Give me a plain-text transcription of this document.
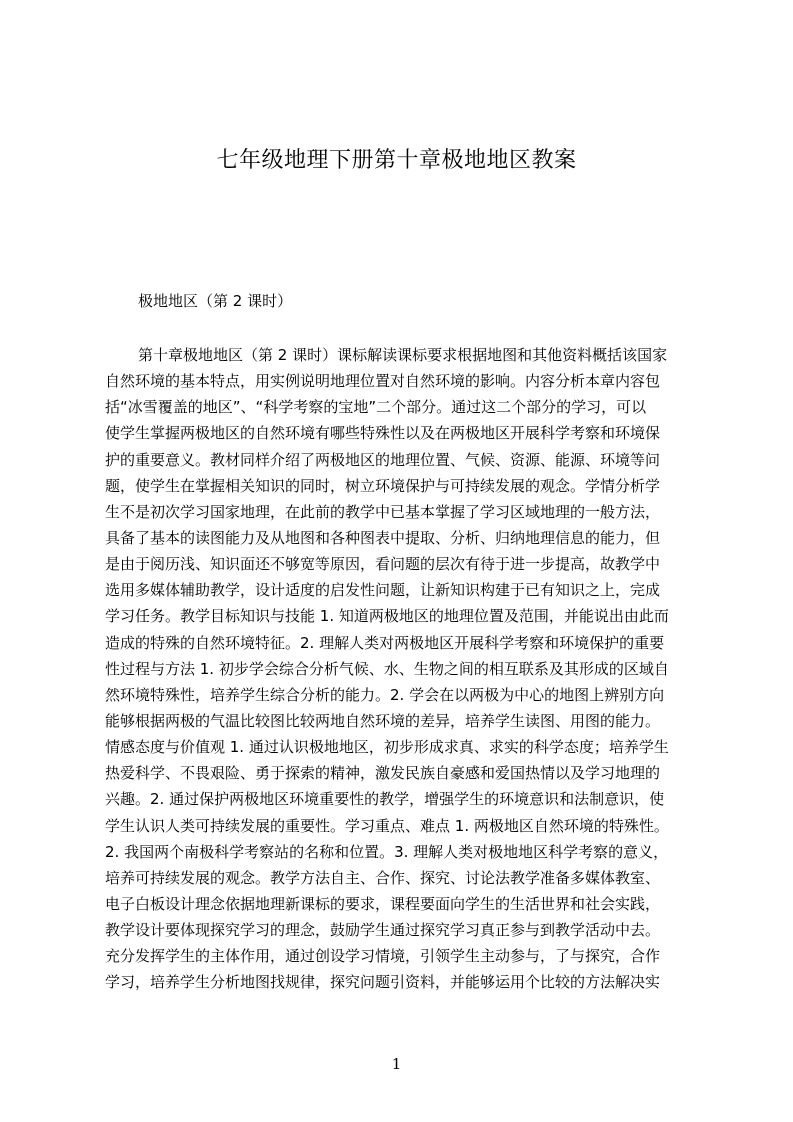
七年级地理下册第十章极地地区教案
极地地区（第 2 课时）
第十章极地地区（第 2 课时）课标解读课标要求根据地图和其他资料概括该国家
自然环境的基本特点，用实例说明地理位置对自然环境的影响。内容分析本章内容包
括“冰雪覆盖的地区”、“科学考察的宝地”二个部分。通过这二个部分的学习，可以
使学生掌握两极地区的自然环境有哪些特殊性以及在两极地区开展科学考察和环境保
护的重要意义。教材同样介绍了两极地区的地理位置、气候、资源、能源、环境等问
题，使学生在掌握相关知识的同时，树立环境保护与可持续发展的观念。学情分析学
生不是初次学习国家地理，在此前的教学中已基本掌握了学习区域地理的一般方法，
具备了基本的读图能力及从地图和各种图表中提取、分析、归纳地理信息的能力，但
是由于阅历浅、知识面还不够宽等原因，看问题的层次有待于进一步提高，故教学中
选用多媒体辅助教学，设计适度的启发性问题，让新知识构建于已有知识之上，完成
学习任务。教学目标知识与技能 1. 知道两极地区的地理位置及范围，并能说出由此而
造成的特殊的自然环境特征。2. 理解人类对两极地区开展科学考察和环境保护的重要
性过程与方法 1. 初步学会综合分析气候、水、生物之间的相互联系及其形成的区域自
然环境特殊性，培养学生综合分析的能力。2. 学会在以两极为中心的地图上辨别方向
能够根据两极的气温比较图比较两地自然环境的差异，培养学生读图、用图的能力。
情感态度与价值观 1. 通过认识极地地区，初步形成求真、求实的科学态度；培养学生
热爱科学、不畏艰险、勇于探索的精神，激发民族自豪感和爱国热情以及学习地理的
兴趣。2. 通过保护两极地区环境重要性的教学，增强学生的环境意识和法制意识，使
学生认识人类可持续发展的重要性。学习重点、难点 1. 两极地区自然环境的特殊性。
2. 我国两个南极科学考察站的名称和位置。3. 理解人类对极地地区科学考察的意义，
培养可持续发展的观念。教学方法自主、合作、探究、讨论法教学准备多媒体教室、
电子白板设计理念依据地理新课标的要求，课程要面向学生的生活世界和社会实践，
教学设计要体现探究学习的理念，鼓励学生通过探究学习真正参与到教学活动中去。
充分发挥学生的主体作用，通过创设学习情境，引领学生主动参与，了与探究，合作
学习，培养学生分析地图找规律，探究问题引资料，并能够运用个比较的方法解决实
1
